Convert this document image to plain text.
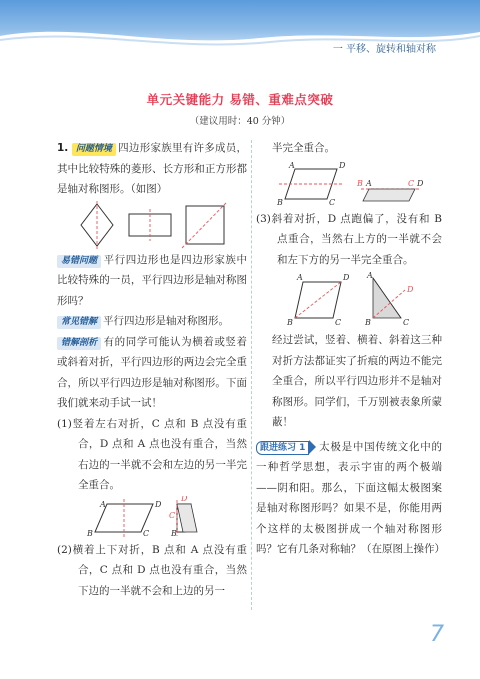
一 平移、旋转和轴对称
单元关键能力 易错、重难点突破
（建议用时：40 分钟）

1. 问题情境 四边形家族里有许多成员，其中比较特殊的菱形、长方形和正方形都是轴对称图形。（如图）

易错问题 平行四边形也是四边形家族中比较特殊的一员，平行四边形是轴对称图形吗？

常见错解 平行四边形是轴对称图形。

错解剖析 有的同学可能认为横着或竖着或斜着对折，平行四边形的两边会完全重合，所以平行四边形是轴对称图形。下面我们就来动手试一试！

(1)竖着左右对折，C 点和 B 点没有重合，D 点和 A 点也没有重合，当然右边的一半就不会和左边的另一半完全重合。

A	D
B	C
D
C
B

(2)横着上下对折，B 点和 A 点没有重合，C 点和 D 点也没有重合，当然下边的一半就不会和上边的另一

半完全重合。

A	D
B	C
B A	C D

(3)斜着对折，D 点跑偏了，没有和 B 点重合，当然右上方的一半就不会和左下方的另一半完全重合。

A	D
B	C
A
D
B	C

经过尝试，竖着、横着、斜着这三种对折方法都证实了折痕的两边不能完全重合，所以平行四边形并不是轴对称图形。同学们，千万别被表象所蒙蔽！

跟进练习 1 太极是中国传统文化中的一种哲学思想，表示宇宙的两个极端——阴和阳。那么，下面这幅太极图案是轴对称图形吗？如果不是，你能用两个这样的太极图拼成一个轴对称图形吗？它有几条对称轴？（在原图上操作）

7
